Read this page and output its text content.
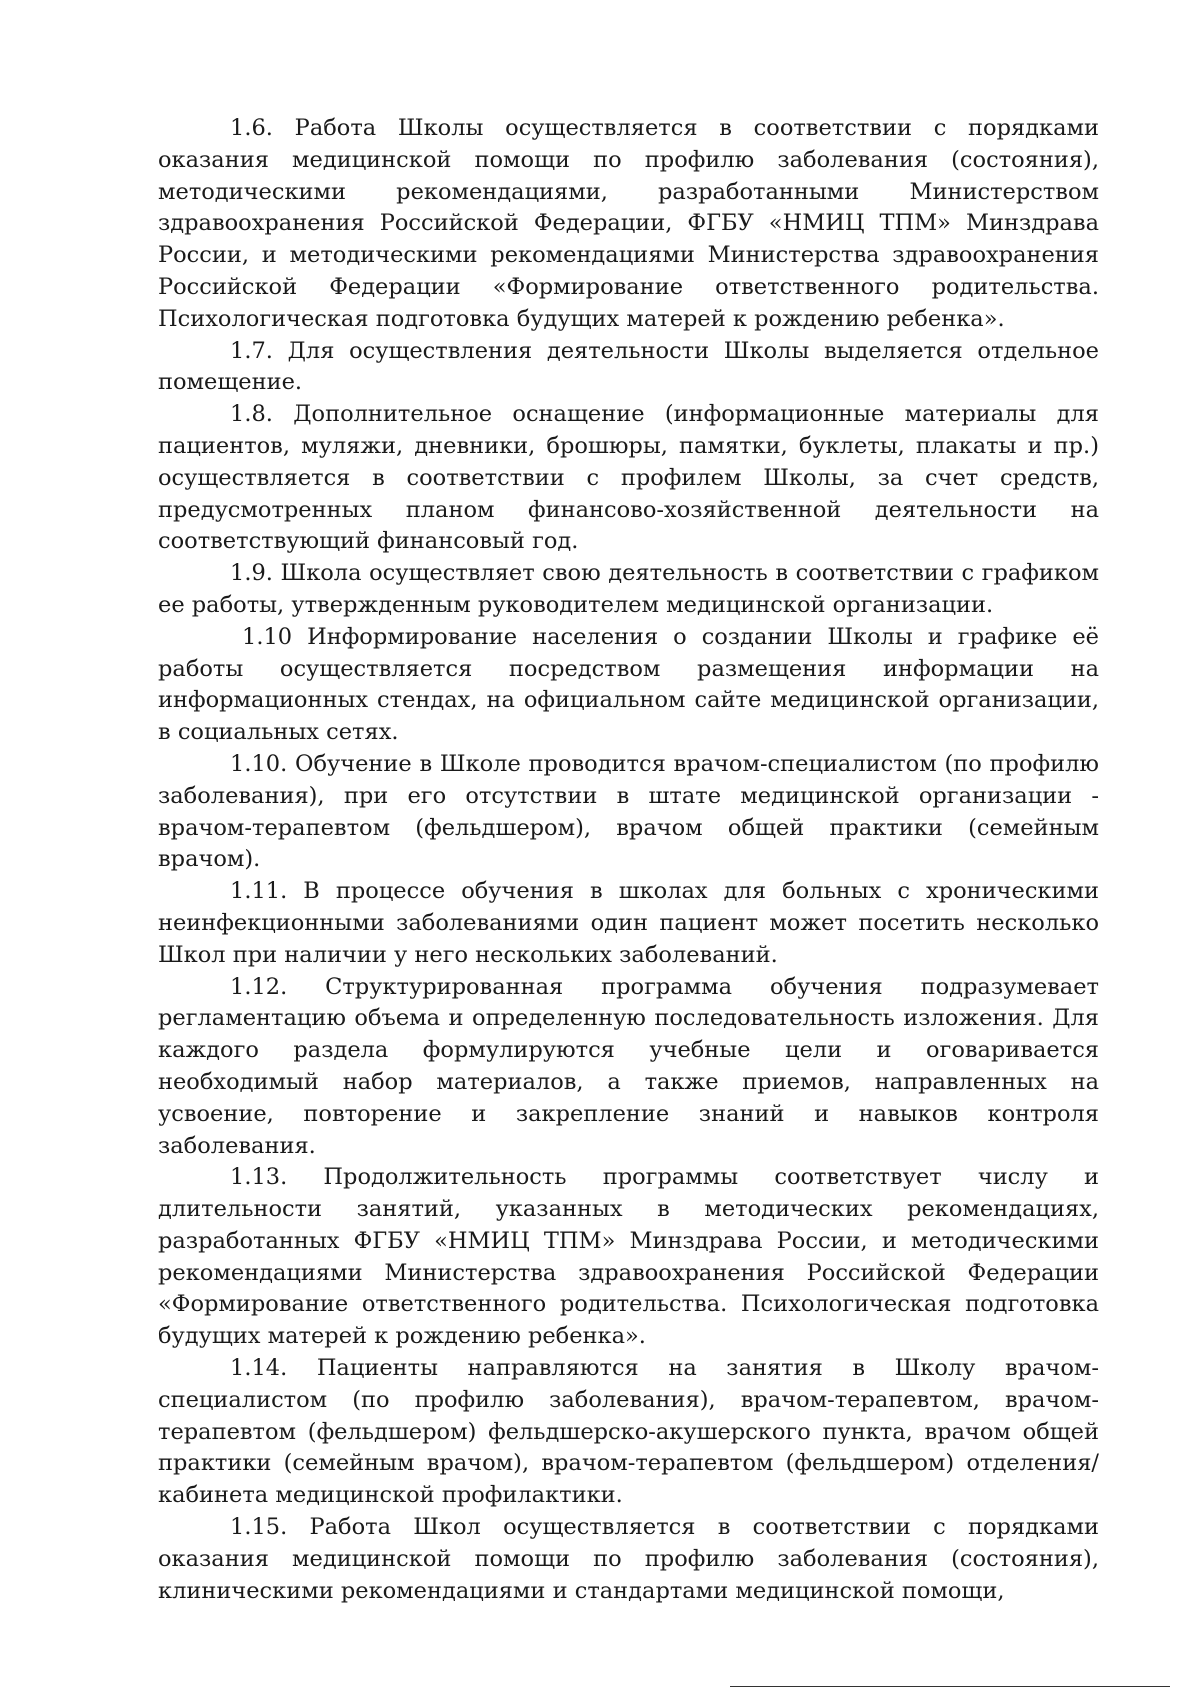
1.6. Работа Школы осуществляется в соответствии с порядками оказания медицинской помощи по профилю заболевания (состояния), методическими рекомендациями, разработанными Министерством здравоохранения Российской Федерации, ФГБУ «НМИЦ ТПМ» Минздрава России, и методическими рекомендациями Министерства здравоохранения Российской Федерации «Формирование ответственного родительства. Психологическая подготовка будущих матерей к рождению ребенка».

1.7. Для осуществления деятельности Школы выделяется отдельное помещение.

1.8. Дополнительное оснащение (информационные материалы для пациентов, муляжи, дневники, брошюры, памятки, буклеты, плакаты и пр.) осуществляется в соответствии с профилем Школы, за счет средств, предусмотренных планом финансово-хозяйственной деятельности на соответствующий финансовый год.

1.9. Школа осуществляет свою деятельность в соответствии с графиком ее работы, утвержденным руководителем медицинской организации.

1.10 Информирование населения о создании Школы и графике её работы осуществляется посредством размещения информации на информационных стендах, на официальном сайте медицинской организации, в социальных сетях.

1.10. Обучение в Школе проводится врачом-специалистом (по профилю заболевания), при его отсутствии в штате медицинской организации - врачом-терапевтом (фельдшером), врачом общей практики (семейным врачом).

1.11. В процессе обучения в школах для больных с хроническими неинфекционными заболеваниями один пациент может посетить несколько Школ при наличии у него нескольких заболеваний.

1.12. Структурированная программа обучения подразумевает регламентацию объема и определенную последовательность изложения. Для каждого раздела формулируются учебные цели и оговаривается необходимый набор материалов, а также приемов, направленных на усвоение, повторение и закрепление знаний и навыков контроля заболевания.

1.13. Продолжительность программы соответствует числу и длительности занятий, указанных в методических рекомендациях, разработанных ФГБУ «НМИЦ ТПМ» Минздрава России, и методическими рекомендациями Министерства здравоохранения Российской Федерации «Формирование ответственного родительства. Психологическая подготовка будущих матерей к рождению ребенка».

1.14. Пациенты направляются на занятия в Школу врачом-специалистом (по профилю заболевания), врачом-терапевтом, врачом-терапевтом (фельдшером) фельдшерско-акушерского пункта, врачом общей практики (семейным врачом), врачом-терапевтом (фельдшером) отделения/кабинета медицинской профилактики.

1.15. Работа Школ осуществляется в соответствии с порядками оказания медицинской помощи по профилю заболевания (состояния), клиническими рекомендациями и стандартами медицинской помощи,
